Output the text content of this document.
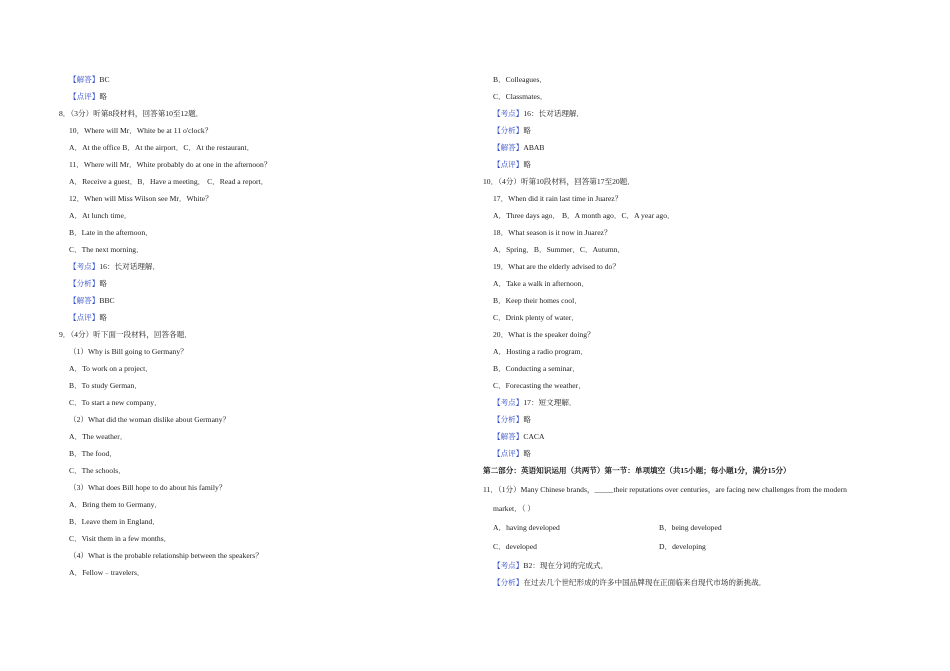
【解答】BC
【点评】略
8．（3分）听第8段材料，回答第10至12题．
10．Where will Mr．White be at 11 o'clock？
A．At the office B．At the airport．C．At the restaurant．
11．Where will Mr．White probably do at one in the afternoon？
A．Receive a guest．B．Have a meeting． C．Read a report．
12．When will Miss Wilson see Mr．White？
A．At lunch time．
B．Late in the afternoon．
C．The next morning．
【考点】16：长对话理解．
【分析】略
【解答】BBC
【点评】略
9．（4分）听下面一段材料，回答各题．
（1）Why is Bill going to Germany？
A．To work on a project．
B．To study German．
C．To start a new company．
（2）What did the woman dislike about Germany？
A．The weather．
B．The food．
C．The schools．
（3）What does Bill hope to do about his family？
A．Bring them to Germany．
B．Leave them in England．
C．Visit them in a few months．
（4）What is the probable relationship between the speakers？
A．Fellow﹣travelers．
B．Colleagues．
C．Classmates．
【考点】16：长对话理解．
【分析】略
【解答】ABAB
【点评】略
10．（4分）听第10段材料，回答第17至20题．
17．When did it rain last time in Juarez？
A．Three days ago． B．A month ago．C．A year ago．
18．What season is it now in Juarez？
A．Spring．B．Summer．C．Autumn．
19．What are the elderly advised to do？
A．Take a walk in afternoon．
B．Keep their homes cool．
C．Drink plenty of water．
20．What is the speaker doing？
A．Hosting a radio program．
B．Conducting a seminar．
C．Forecasting the weather．
【考点】17：短文理解．
【分析】略
【解答】CACA
【点评】略
第二部分：英语知识运用（共两节）第一节：单项填空（共15小题；每小题1分，满分15分）
11．（1分）Many Chinese brands，_____their reputations over centuries，are facing new challenges from the modern
market．（ ）
A．having developed	B．being developed
C．developed	D．developing
【考点】B2：现在分词的完成式．
【分析】在过去几个世纪形成的许多中国品牌现在正面临来自现代市场的新挑战．
